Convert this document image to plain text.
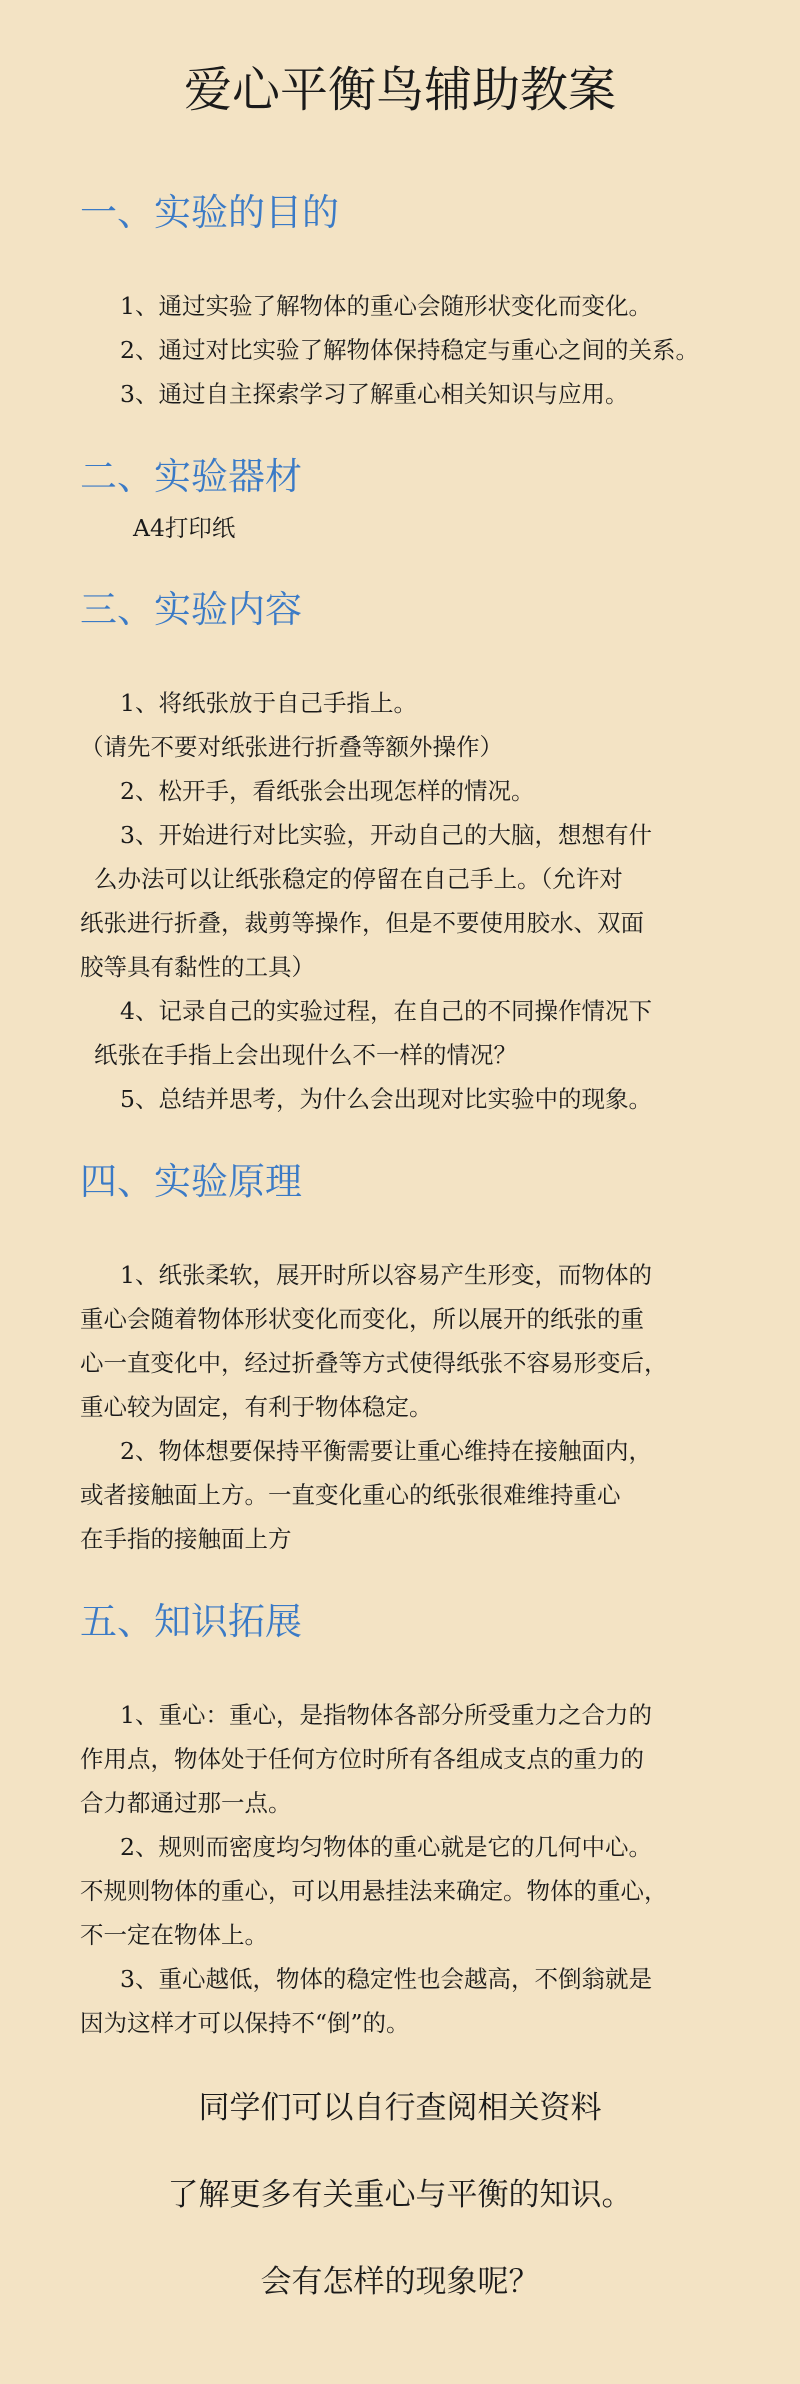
爱心平衡鸟辅助教案
一、实验的目的
1、通过实验了解物体的重心会随形状变化而变化。
2、通过对比实验了解物体保持稳定与重心之间的关系。
3、通过自主探索学习了解重心相关知识与应用。
二、实验器材
A4打印纸
三、实验内容
1、将纸张放于自己手指上。
（请先不要对纸张进行折叠等额外操作）
2、松开手，看纸张会出现怎样的情况。
3、开始进行对比实验，开动自己的大脑，想想有什
么办法可以让纸张稳定的停留在自己手上。（允许对
纸张进行折叠，裁剪等操作，但是不要使用胶水、双面
胶等具有黏性的工具）
4、记录自己的实验过程，在自己的不同操作情况下
纸张在手指上会出现什么不一样的情况？
5、总结并思考，为什么会出现对比实验中的现象。
四、实验原理
1、纸张柔软，展开时所以容易产生形变，而物体的
重心会随着物体形状变化而变化，所以展开的纸张的重
心一直变化中，经过折叠等方式使得纸张不容易形变后，
重心较为固定，有利于物体稳定。
2、物体想要保持平衡需要让重心维持在接触面内，
或者接触面上方。一直变化重心的纸张很难维持重心
在手指的接触面上方
五、知识拓展
1、重心：重心，是指物体各部分所受重力之合力的
作用点，物体处于任何方位时所有各组成支点的重力的
合力都通过那一点。
2、规则而密度均匀物体的重心就是它的几何中心。
不规则物体的重心，可以用悬挂法来确定。物体的重心，
不一定在物体上。
3、重心越低，物体的稳定性也会越高，不倒翁就是
因为这样才可以保持不“倒”的。
同学们可以自行查阅相关资料
了解更多有关重心与平衡的知识。
会有怎样的现象呢？
